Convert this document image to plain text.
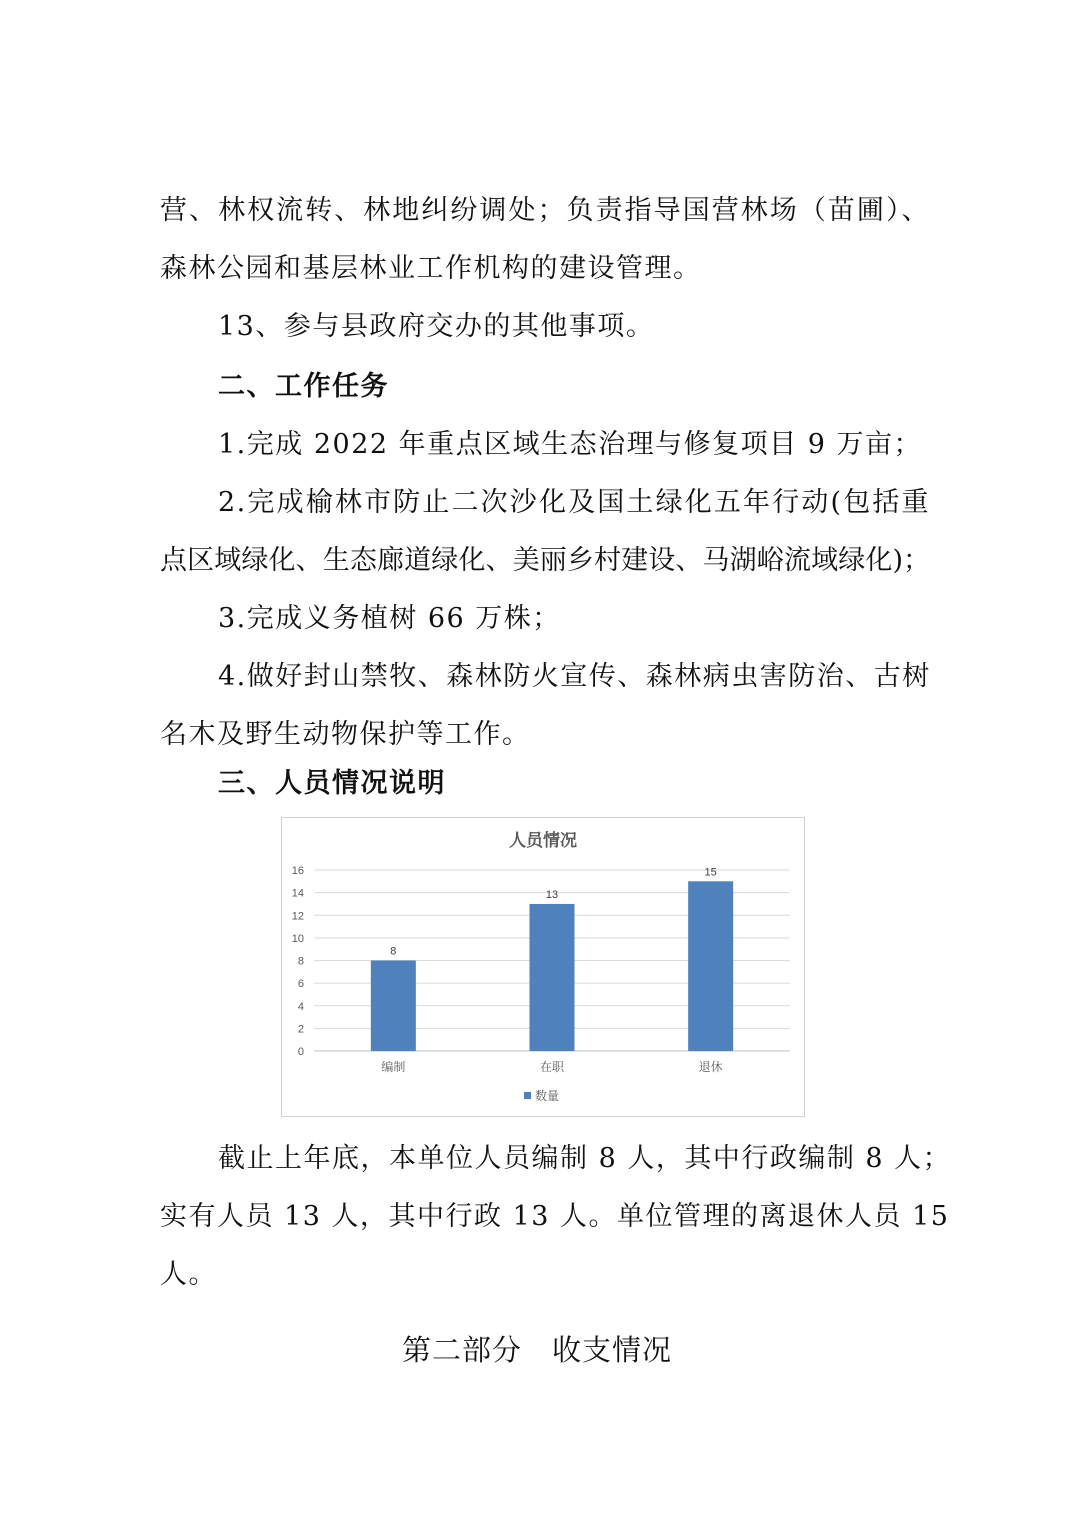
营、林权流转、林地纠纷调处；负责指导国营林场（苗圃）、

森林公园和基层林业工作机构的建设管理。

13、参与县政府交办的其他事项。

二、工作任务

1.完成 2022 年重点区域生态治理与修复项目 9 万亩；

2.完成榆林市防止二次沙化及国土绿化五年行动(包括重

点区域绿化、生态廊道绿化、美丽乡村建设、马湖峪流域绿化)；

3.完成义务植树 66 万株；

4.做好封山禁牧、森林防火宣传、森林病虫害防治、古树

名木及野生动物保护等工作。

三、人员情况说明

人员情况
0
2
4
6
8
10
12
14
16
8
编制
13
在职
15
退休
数量

截止上年底，本单位人员编制 8 人，其中行政编制 8 人；

实有人员 13 人，其中行政 13 人。单位管理的离退休人员 15

人。

第二部分　收支情况
